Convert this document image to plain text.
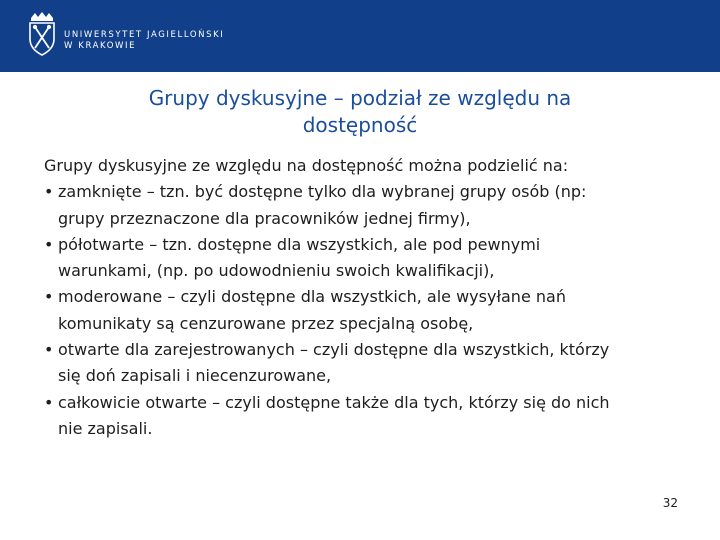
UNIWERSYTET JAGIELLOŃSKI
W KRAKOWIE
Grupy dyskusyjne – podział ze względu na
dostępność

Grupy dyskusyjne ze względu na dostępność można podzielić na:

• zamknięte – tzn. być dostępne tylko dla wybranej grupy osób (np:
grupy przeznaczone dla pracowników jednej firmy),
• półotwarte – tzn. dostępne dla wszystkich, ale pod pewnymi
warunkami, (np. po udowodnieniu swoich kwalifikacji),
• moderowane – czyli dostępne dla wszystkich, ale wysyłane nań
komunikaty są cenzurowane przez specjalną osobę,
• otwarte dla zarejestrowanych – czyli dostępne dla wszystkich, którzy
się doń zapisali i niecenzurowane,
• całkowicie otwarte – czyli dostępne także dla tych, którzy się do nich
nie zapisali.
32
